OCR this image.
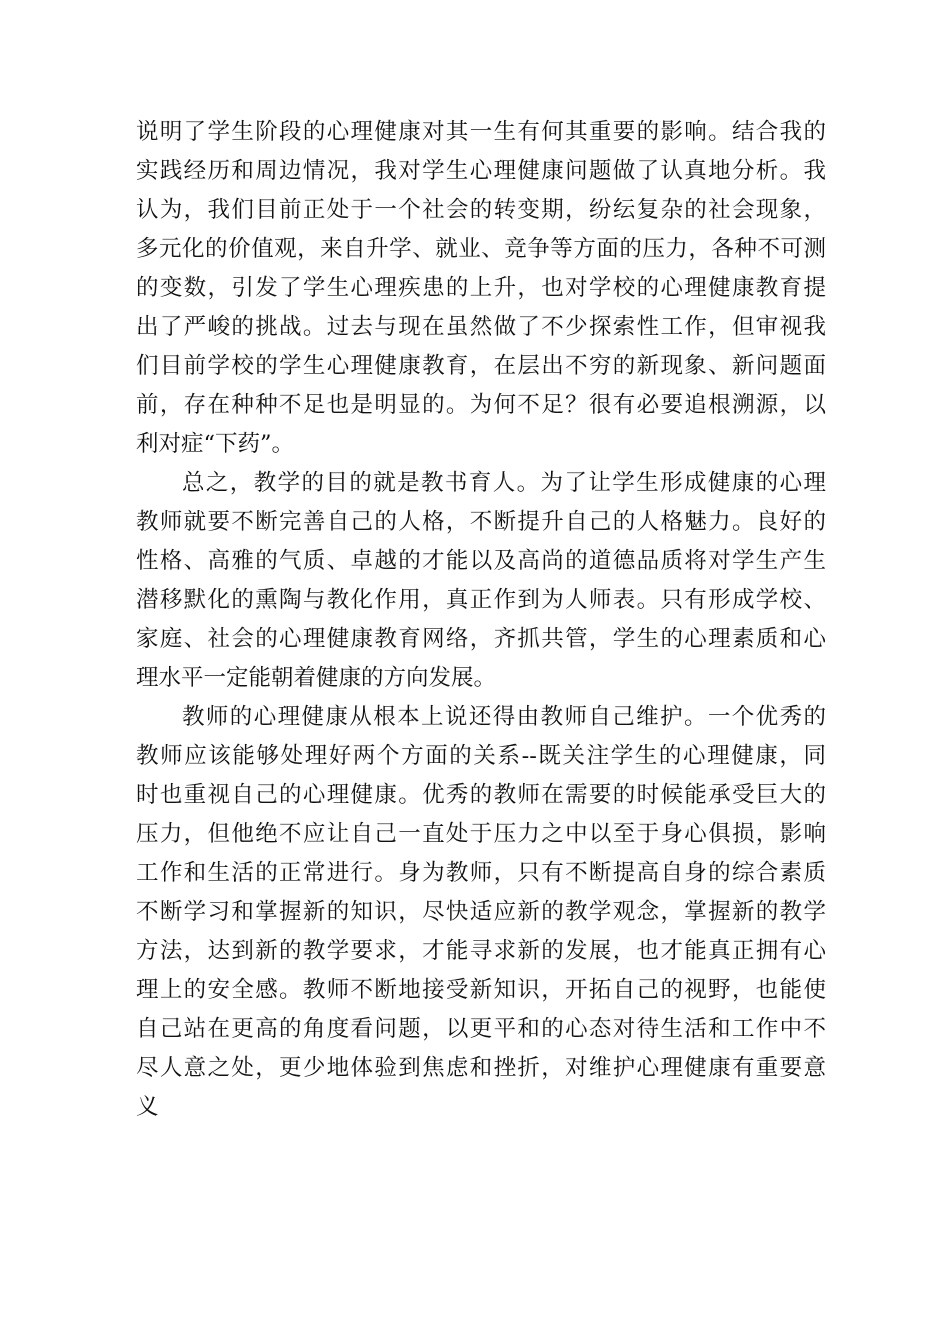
说明了学生阶段的心理健康对其一生有何其重要的影响。结合我的
实践经历和周边情况，我对学生心理健康问题做了认真地分析。我
认为，我们目前正处于一个社会的转变期，纷纭复杂的社会现象，
多元化的价值观，来自升学、就业、竞争等方面的压力，各种不可测
的变数，引发了学生心理疾患的上升，也对学校的心理健康教育提
出了严峻的挑战。过去与现在虽然做了不少探索性工作，但审视我
们目前学校的学生心理健康教育，在层出不穷的新现象、新问题面
前，存在种种不足也是明显的。为何不足？很有必要追根溯源，以
利对症“下药”。
总之，教学的目的就是教书育人。为了让学生形成健康的心理
教师就要不断完善自己的人格，不断提升自己的人格魅力。良好的
性格、高雅的气质、卓越的才能以及高尚的道德品质将对学生产生
潜移默化的熏陶与教化作用，真正作到为人师表。只有形成学校、
家庭、社会的心理健康教育网络，齐抓共管，学生的心理素质和心
理水平一定能朝着健康的方向发展。
教师的心理健康从根本上说还得由教师自己维护。一个优秀的
教师应该能够处理好两个方面的关系--既关注学生的心理健康，同
时也重视自己的心理健康。优秀的教师在需要的时候能承受巨大的
压力，但他绝不应让自己一直处于压力之中以至于身心俱损，影响
工作和生活的正常进行。身为教师，只有不断提高自身的综合素质
不断学习和掌握新的知识，尽快适应新的教学观念，掌握新的教学
方法，达到新的教学要求，才能寻求新的发展，也才能真正拥有心
理上的安全感。教师不断地接受新知识，开拓自己的视野，也能使
自己站在更高的角度看问题，以更平和的心态对待生活和工作中不
尽人意之处，更少地体验到焦虑和挫折，对维护心理健康有重要意
义
